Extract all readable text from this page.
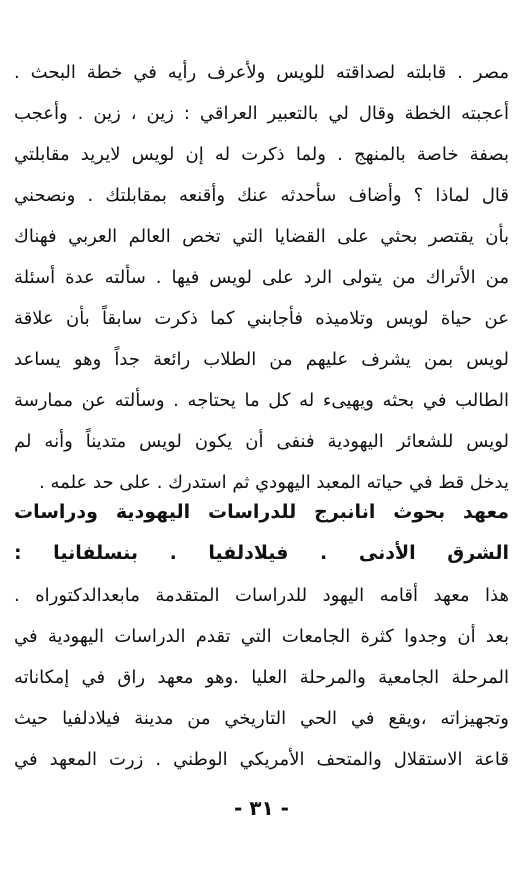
مصر . قابلته لصداقته للويس ولأعرف رأيه في خطة البحث .
أعجبته الخطة وقال لي بالتعبير العراقي : زين ، زين . وأعجب
بصفة خاصة بالمنهج . ولما ذكرت له إن لويس لايريد مقابلتي
قال لماذا ؟ وأضاف سأحدثه عنك وأقنعه بمقابلتك . ونصحني
بأن يقتصر بحثي على القضايا التي تخص العالم العربي فهناك
من الأتراك من يتولى الرد على لويس فيها . سألته عدة أسئلة
عن حياة لويس وتلاميذه فأجابني كما ذكرت سابقاً بأن علاقة
لويس بمن يشرف عليهم من الطلاب رائعة جداً وهو يساعد
الطالب في بحثه ويهيىء له كل ما يحتاجه . وسألته عن ممارسة
لويس للشعائر اليهودية فنفى أن يكون لويس متديناً وأنه لم
يدخل قط في حياته المعبد اليهودي ثم استدرك . على حد علمه .
معهد بحوث انانبرج للدراسات اليهودية ودراسات
الشرق الأدنى . فيلادلفيا . بنسلفانيا :
هذا معهد أقامه اليهود للدراسات المتقدمة مابعدالدكتوراه .
بعد أن وجدوا كثرة الجامعات التي تقدم الدراسات اليهودية في
المرحلة الجامعية والمرحلة العليا .وهو معهد راق في إمكاناته
وتجهيزاته ،ويقع في الحي التاريخي من مدينة فيلادلفيا حيث
قاعة الاستقلال والمتحف الأمريكي الوطني . زرت المعهد في
- ٣١ -
